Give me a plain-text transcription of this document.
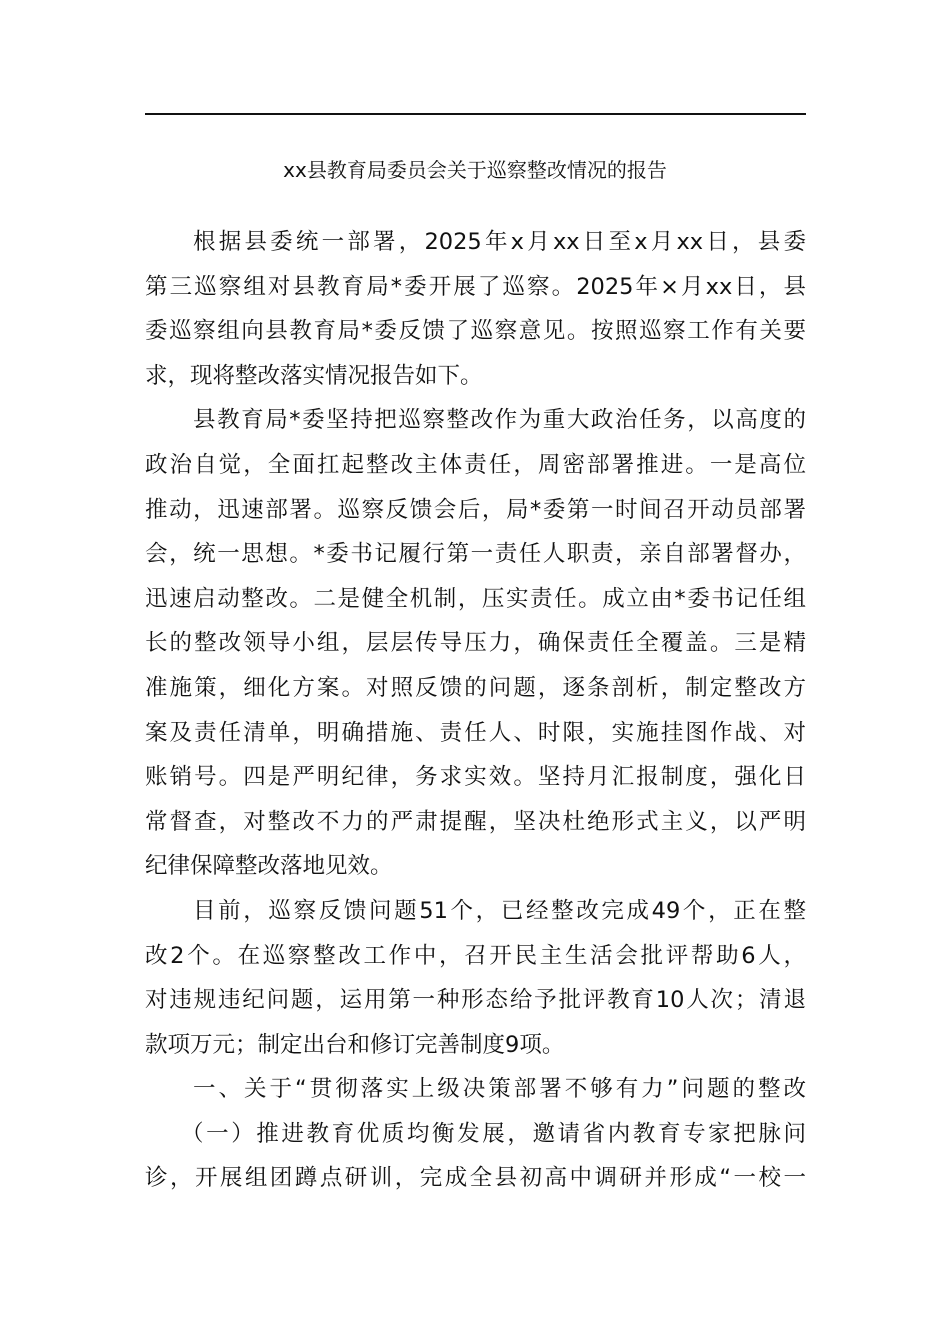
xx县教育局委员会关于巡察整改情况的报告
根据县委统一部署，2025年x月xx日至x月xx日，县委
第三巡察组对县教育局*委开展了巡察。2025年×月xx日，县
委巡察组向县教育局*委反馈了巡察意见。按照巡察工作有关要
求，现将整改落实情况报告如下。
县教育局*委坚持把巡察整改作为重大政治任务，以高度的
政治自觉，全面扛起整改主体责任，周密部署推进。一是高位
推动，迅速部署。巡察反馈会后，局*委第一时间召开动员部署
会，统一思想。*委书记履行第一责任人职责，亲自部署督办，
迅速启动整改。二是健全机制，压实责任。成立由*委书记任组
长的整改领导小组，层层传导压力，确保责任全覆盖。三是精
准施策，细化方案。对照反馈的问题，逐条剖析，制定整改方
案及责任清单，明确措施、责任人、时限，实施挂图作战、对
账销号。四是严明纪律，务求实效。坚持月汇报制度，强化日
常督查，对整改不力的严肃提醒，坚决杜绝形式主义，以严明
纪律保障整改落地见效。
目前，巡察反馈问题51个，已经整改完成49个，正在整
改2个。在巡察整改工作中，召开民主生活会批评帮助6人，
对违规违纪问题，运用第一种形态给予批评教育10人次；清退
款项万元；制定出台和修订完善制度9项。
一、关于“贯彻落实上级决策部署不够有力”问题的整改
（一）推进教育优质均衡发展，邀请省内教育专家把脉问
诊，开展组团蹲点研训，完成全县初高中调研并形成“一校一
